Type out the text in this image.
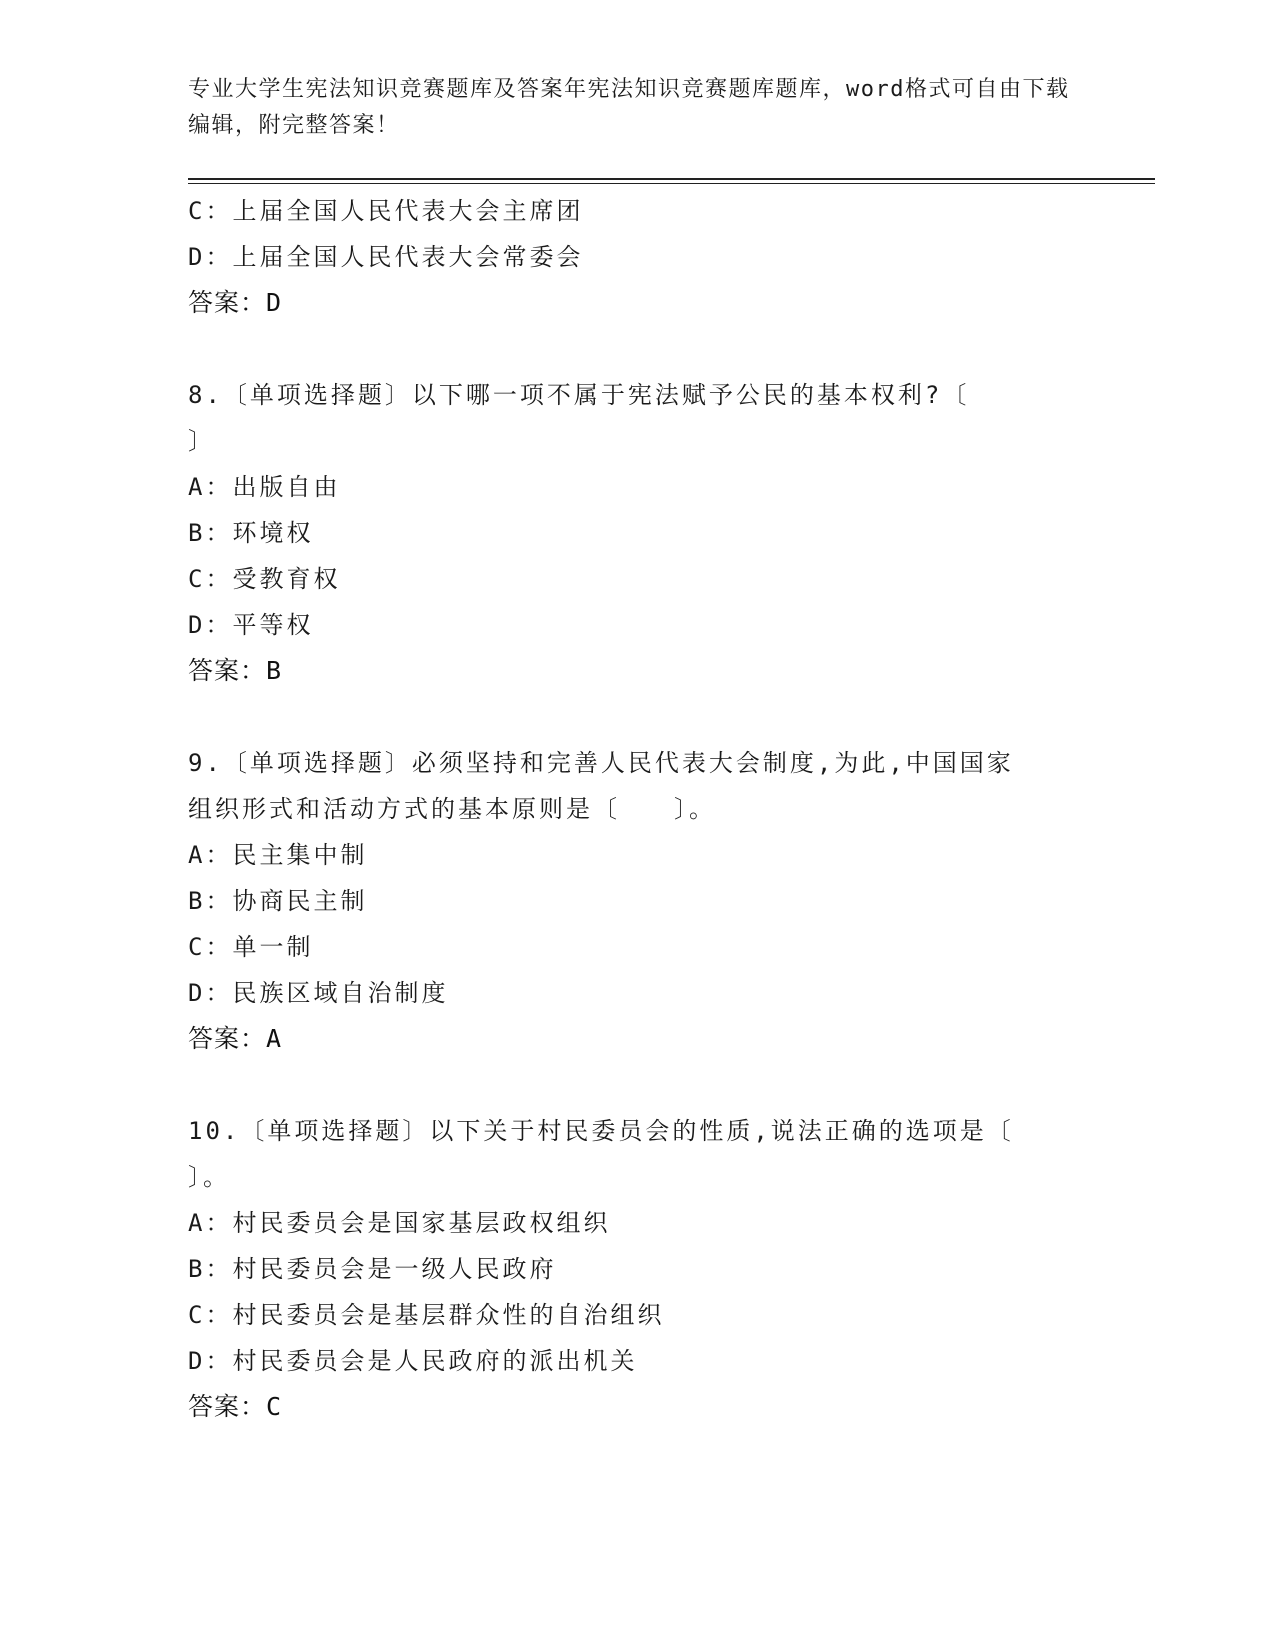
专业大学生宪法知识竞赛题库及答案年宪法知识竞赛题库题库，word格式可自由下载编辑，附完整答案！
C：上届全国人民代表大会主席团
D：上届全国人民代表大会常委会
答案：D
8.〔单项选择题〕以下哪一项不属于宪法赋予公民的基本权利?〔
〕
A：出版自由
B：环境权
C：受教育权
D：平等权
答案：B
9.〔单项选择题〕必须坚持和完善人民代表大会制度,为此,中国国家
组织形式和活动方式的基本原则是〔　　〕。
A：民主集中制
B：协商民主制
C：单一制
D：民族区域自治制度
答案：A
10.〔单项选择题〕以下关于村民委员会的性质,说法正确的选项是〔
〕。
A：村民委员会是国家基层政权组织
B：村民委员会是一级人民政府
C：村民委员会是基层群众性的自治组织
D：村民委员会是人民政府的派出机关
答案：C
